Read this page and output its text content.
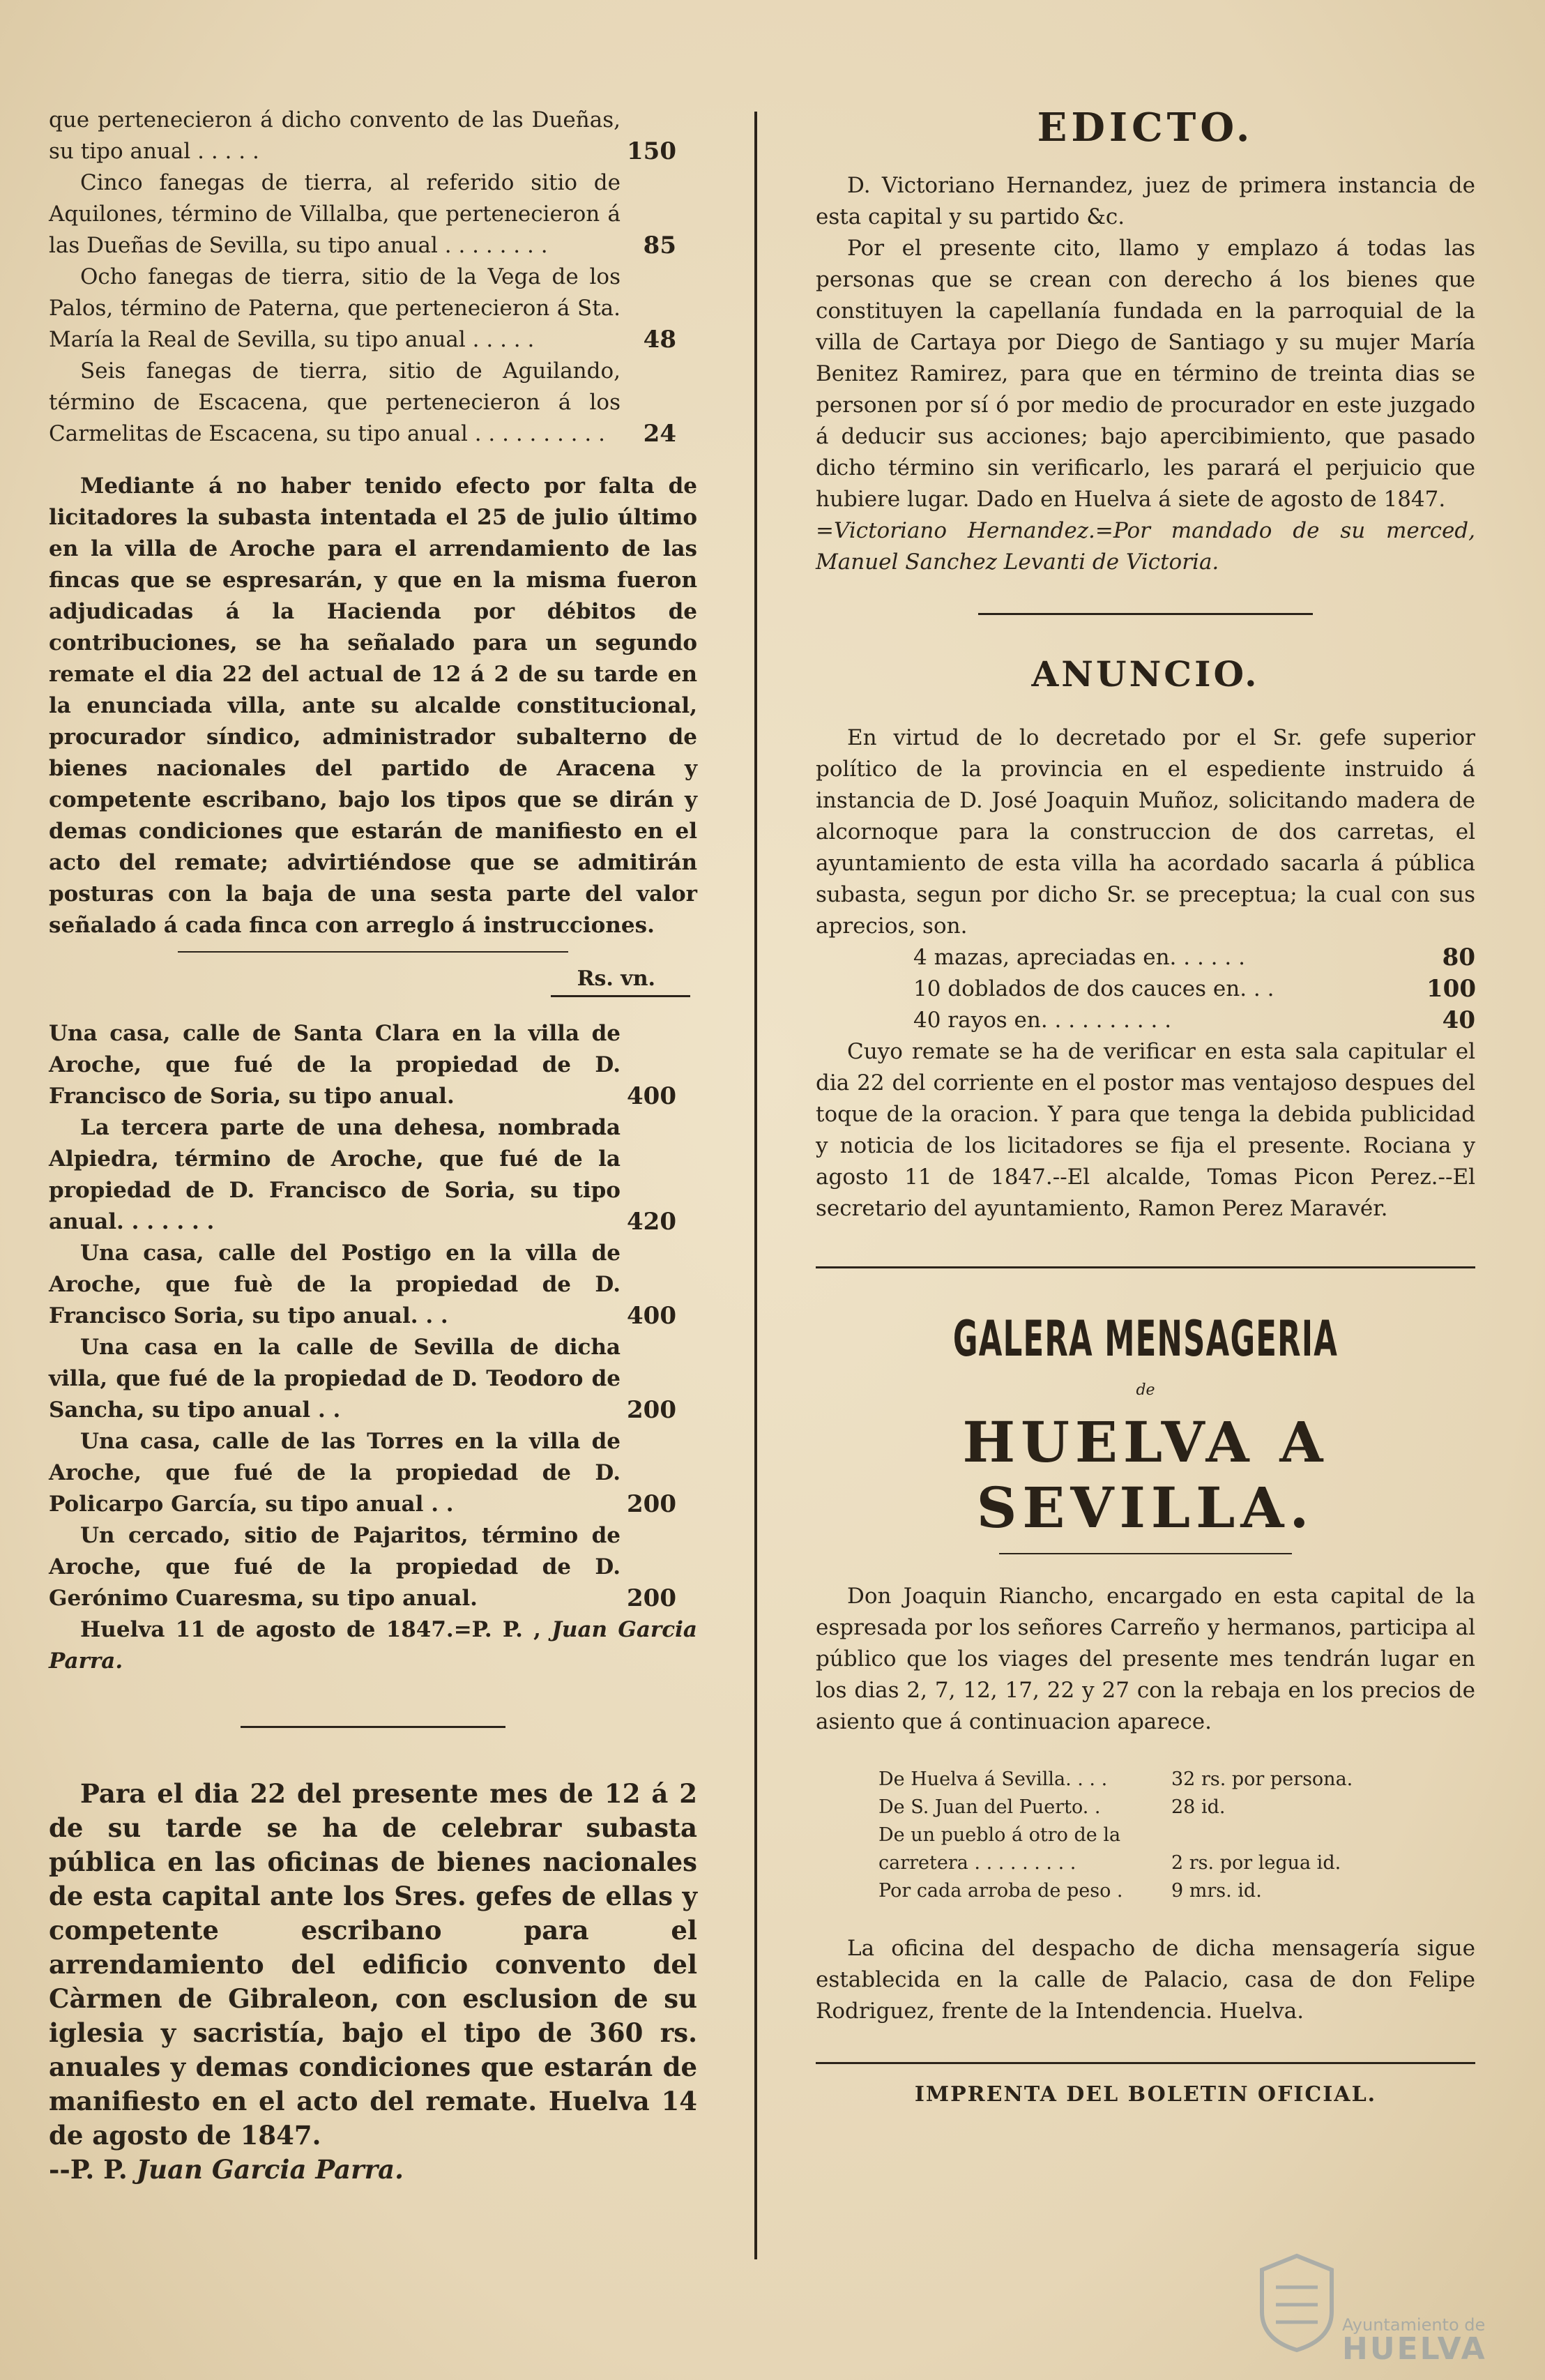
que pertenecieron á dicho convento de las Dueñas, su tipo anual . . . . .	150

Cinco fanegas de tierra, al referido sitio de Aquilones, término de Villalba, que pertenecieron á las Dueñas de Sevilla, su tipo anual . . . . . . . .	85

Ocho fanegas de tierra, sitio de la Vega de los Palos, término de Paterna, que pertenecieron á Sta. María la Real de Sevilla, su tipo anual . . . . .	48

Seis fanegas de tierra, sitio de Aguilando, término de Escacena, que pertenecieron á los Carmelitas de Escacena, su tipo anual . . . . . . . . . .	24

Mediante á no haber tenido efecto por falta de licitadores la subasta intentada el 25 de julio último en la villa de Aroche para el arrendamiento de las fincas que se espresarán, y que en la misma fueron adjudicadas á la Hacienda por débitos de contribuciones, se ha señalado para un segundo remate el dia 22 del actual de 12 á 2 de su tarde en la enunciada villa, ante su alcalde constitucional, procurador síndico, administrador subalterno de bienes nacionales del partido de Aracena y competente escribano, bajo los tipos que se dirán y demas condiciones que estarán de manifiesto en el acto del remate; advirtiéndose que se admitirán posturas con la baja de una sesta parte del valor señalado á cada finca con arreglo á instrucciones.

Rs. vn.

Una casa, calle de Santa Clara en la villa de Aroche, que fué de la propiedad de D. Francisco de Soria, su tipo anual.	400

La tercera parte de una dehesa, nombrada Alpiedra, término de Aroche, que fué de la propiedad de D. Francisco de Soria, su tipo anual. . . . . . .	420

Una casa, calle del Postigo en la villa de Aroche, que fuè de la propiedad de D. Francisco Soria, su tipo anual. . .	400

Una casa en la calle de Sevilla de dicha villa, que fué de la propiedad de D. Teodoro de Sancha, su tipo anual . .	200

Una casa, calle de las Torres en la villa de Aroche, que fué de la propiedad de D. Policarpo García, su tipo anual . .	200

Un cercado, sitio de Pajaritos, término de Aroche, que fué de la propiedad de D. Gerónimo Cuaresma, su tipo anual.	200

Huelva 11 de agosto de 1847.=P. P. , Juan Garcia Parra.

Para el dia 22 del presente mes de 12 á 2 de su tarde se ha de celebrar subasta pública en las oficinas de bienes nacionales de esta capital ante los Sres. gefes de ellas y competente escribano para el arrendamiento del edificio convento del Càrmen de Gibraleon, con esclusion de su iglesia y sacristía, bajo el tipo de 360 rs. anuales y demas condiciones que estarán de manifiesto en el acto del remate. Huelva 14 de agosto de 1847.

--P. P. Juan Garcia Parra.

EDICTO.

D. Victoriano Hernandez, juez de primera instancia de esta capital y su partido &c.

Por el presente cito, llamo y emplazo á todas las personas que se crean con derecho á los bienes que constituyen la capellanía fundada en la parroquial de la villa de Cartaya por Diego de Santiago y su mujer María Benitez Ramirez, para que en término de treinta dias se personen por sí ó por medio de procurador en este juzgado á deducir sus acciones; bajo apercibimiento, que pasado dicho término sin verificarlo, les parará el perjuicio que hubiere lugar. Dado en Huelva á siete de agosto de 1847.

=Victoriano Hernandez.=Por mandado de su merced, Manuel Sanchez Levanti de Victoria.

ANUNCIO.

En virtud de lo decretado por el Sr. gefe superior político de la provincia en el espediente instruido á instancia de D. José Joaquin Muñoz, solicitando madera de alcornoque para la construccion de dos carretas, el ayuntamiento de esta villa ha acordado sacarla á pública subasta, segun por dicho Sr. se preceptua; la cual con sus aprecios, son.

4 mazas, apreciadas en. . . . . .	80
10 doblados de dos cauces en. . .	100
40 rayos en. . . . . . . . . .	40

Cuyo remate se ha de verificar en esta sala capitular el dia 22 del corriente en el postor mas ventajoso despues del toque de la oracion. Y para que tenga la debida publicidad y noticia de los licitadores se fija el presente. Rociana y agosto 11 de 1847.--El alcalde, Tomas Picon Perez.--El secretario del ayuntamiento, Ramon Perez Maravér.

GALERA MENSAGERIA
de
HUELVA A SEVILLA.

Don Joaquin Riancho, encargado en esta capital de la espresada por los señores Carreño y hermanos, participa al público que los viages del presente mes tendrán lugar en los dias 2, 7, 12, 17, 22 y 27 con la rebaja en los precios de asiento que á continuacion aparece.

De Huelva á Sevilla. . . .	32 rs. por persona.
De S. Juan del Puerto. .	28 id.
De un pueblo á otro de la
carretera . . . . . . . . .	2 rs. por legua id.
Por cada arroba de peso .	9 mrs. id.

La oficina del despacho de dicha mensagería sigue establecida en la calle de Palacio, casa de don Felipe Rodriguez, frente de la Intendencia. Huelva.

IMPRENTA DEL BOLETIN OFICIAL.
Ayuntamiento de
HUELVA
